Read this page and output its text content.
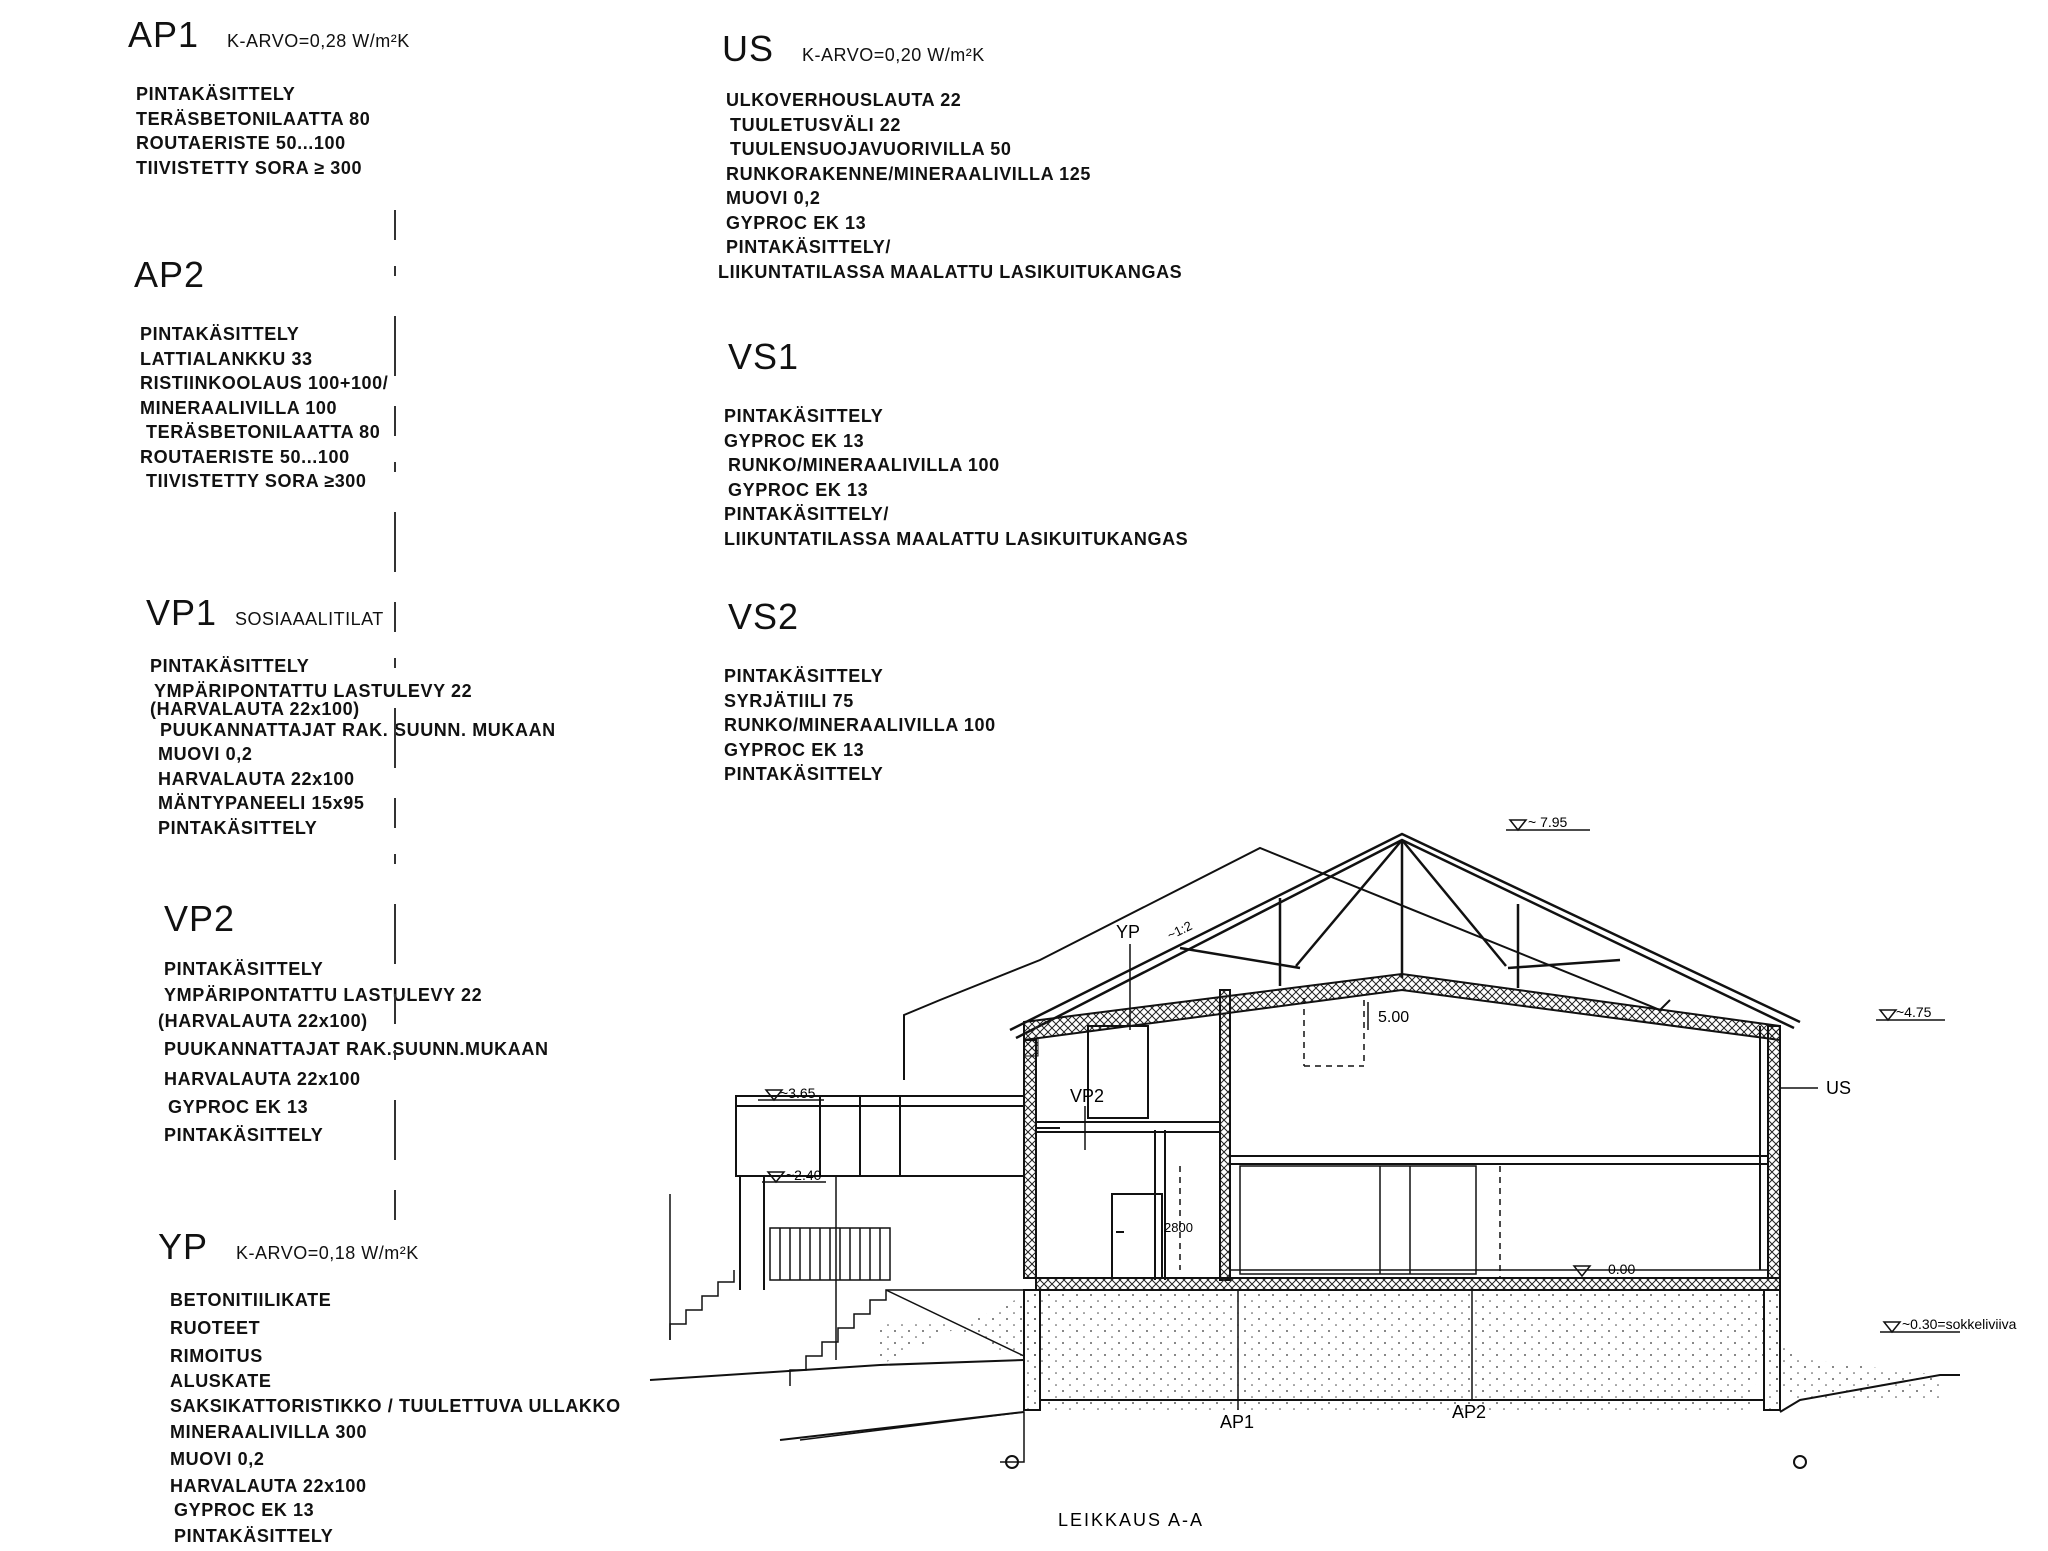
AP1 K-ARVO=0,28 W/m²K
PINTAKÄSITTELY
TERÄSBETONILAATTA 80
ROUTAERISTE 50...100
TIIVISTETTY SORA ≥ 300
AP2
PINTAKÄSITTELY
LATTIALANKKU 33
RISTIINKOOLAUS 100+100/
MINERAALIVILLA 100
TERÄSBETONILAATTA 80
ROUTAERISTE 50...100
TIIVISTETTY SORA ≥300
VP1 SOSIAAALITILAT
PINTAKÄSITTELY
YMPÄRIPONTATTU LASTULEVY 22
(HARVALAUTA 22x100)
PUUKANNATTAJAT RAK. SUUNN. MUKAAN
MUOVI 0,2
HARVALAUTA 22x100
MÄNTYPANEELI 15x95
PINTAKÄSITTELY
VP2
PINTAKÄSITTELY
YMPÄRIPONTATTU LASTULEVY 22
(HARVALAUTA 22x100)
PUUKANNATTAJAT RAK.SUUNN.MUKAAN
HARVALAUTA 22x100
GYPROC EK 13
PINTAKÄSITTELY
YP K-ARVO=0,18 W/m²K
BETONITIILIKATE
RUOTEET
RIMOITUS
ALUSKATE
SAKSIKATTORISTIKKO / TUULETTUVA ULLAKKO
MINERAALIVILLA 300
MUOVI 0,2
HARVALAUTA 22x100
GYPROC EK 13
PINTAKÄSITTELY
US K-ARVO=0,20 W/m²K
ULKOVERHOUSLAUTA 22
TUULETUSVÄLI 22
TUULENSUOJAVUORIVILLA 50
RUNKORAKENNE/MINERAALIVILLA 125
MUOVI 0,2
GYPROC EK 13
PINTAKÄSITTELY/
LIIKUNTATILASSA MAALATTU LASIKUITUKANGAS
VS1
PINTAKÄSITTELY
GYPROC EK 13
RUNKO/MINERAALIVILLA 100
GYPROC EK 13
PINTAKÄSITTELY/
LIIKUNTATILASSA MAALATTU LASIKUITUKANGAS
VS2
PINTAKÄSITTELY
SYRJÄTIILI 75
RUNKO/MINERAALIVILLA 100
GYPROC EK 13
PINTAKÄSITTELY
~ 7.95
~4.75
~3.65
~2.40
0.00
~0.30=sokkeliviiva
YP ~1:2
VP2
5.00
2800
US
AP1	AP2
LEIKKAUS A-A
